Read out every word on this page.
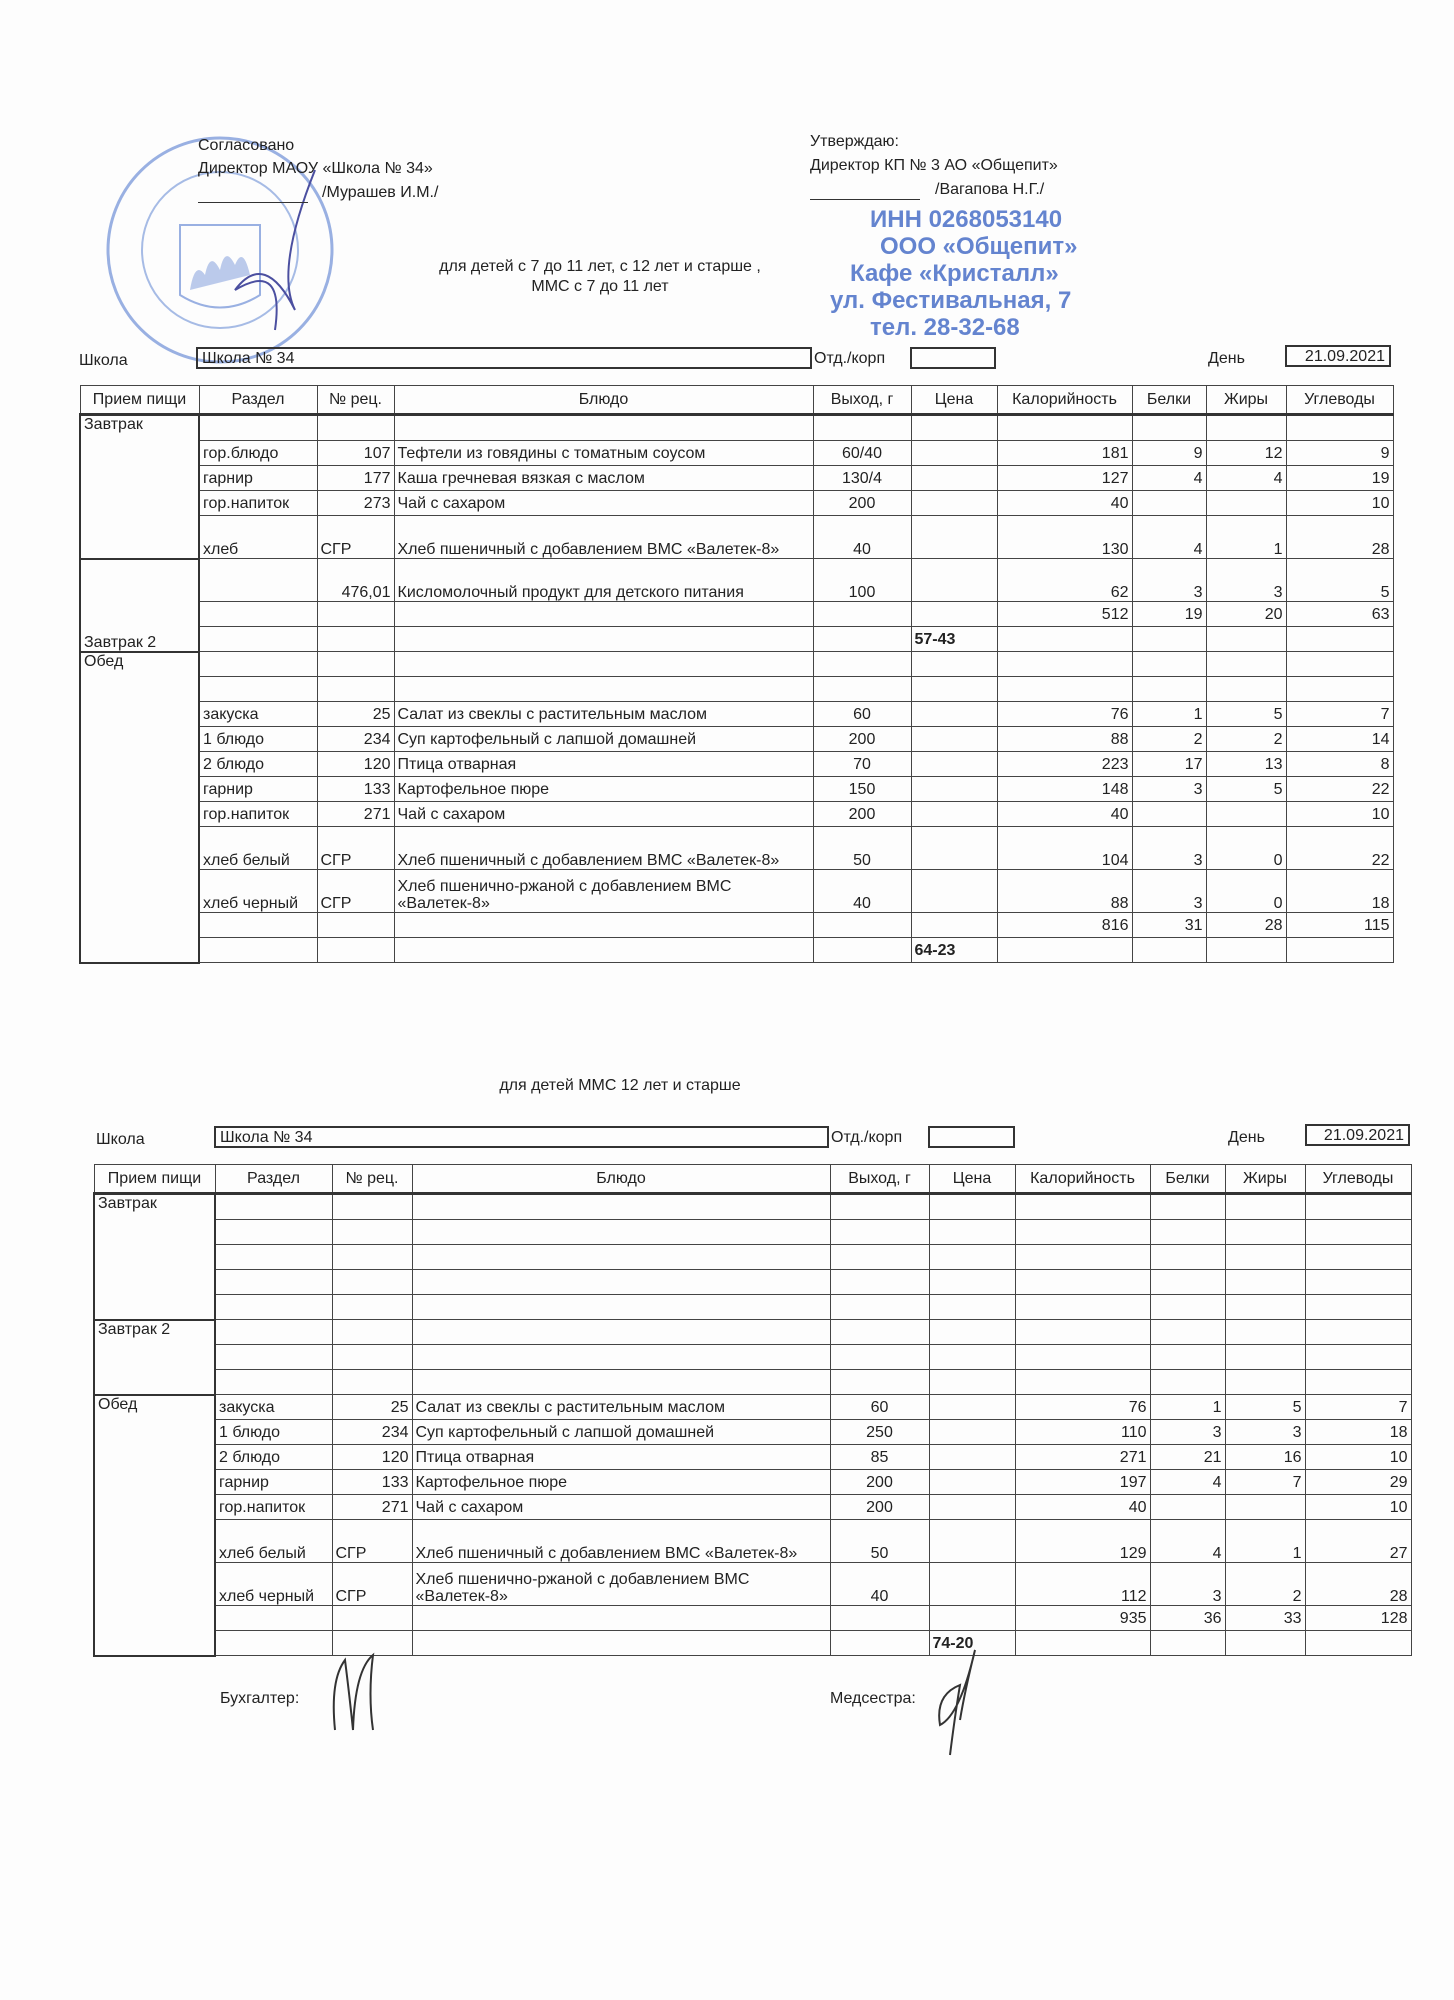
Согласовано
Директор МАОУ «Школа № 34»
/Мурашев И.М./
Утверждаю:
Директор КП № 3 АО «Общепит»
/Вагапова Н.Г./
ИНН 0268053140
ООО «Общепит»
Кафе «Кристалл»
ул. Фестивальная, 7
тел. 28-32-68
для детей с 7 до 11 лет, с 12 лет и старше ,
ММС с 7 до 11 лет
Школа	Школа № 34	Отд./корп	День	21.09.2021
Прием пищи	Раздел	№ рец.	Блюдо	Выход, г	Цена	Калорийность	Белки	Жиры	Углеводы
Завтрак									
	гор.блюдо	107	Тефтели из говядины с томатным соусом	60/40		181	9	12	9
	гарнир	177	Каша гречневая вязкая с маслом	130/4		127	4	4	19
	гор.напиток	273	Чай с сахаром	200		40			10
	хлеб	СГР	Хлеб пшеничный с добавлением ВМС «Валетек-8»	40		130	4	1	28
Завтрак 2		476,01	Кисломолочный продукт для детского питания	100		62	3	3	5
						512	19	20	63
					57-43				
Обед									

	закуска	25	Салат из свеклы с растительным маслом	60		76	1	5	7
	1 блюдо	234	Суп картофельный с лапшой домашней	200		88	2	2	14
	2 блюдо	120	Птица отварная	70		223	17	13	8
	гарнир	133	Картофельное пюре	150		148	3	5	22
	гор.напиток	271	Чай с сахаром	200		40			10
	хлеб белый	СГР	Хлеб пшеничный с добавлением ВМС «Валетек-8»	50		104	3	0	22
	хлеб черный	СГР	Хлеб пшенично-ржаной с добавлением ВМС «Валетек-8»	40		88	3	0	18
						816	31	28	115
					64-23				
для детей ММС 12 лет и старше
Школа	Школа № 34	Отд./корп	День	21.09.2021
Прием пищи	Раздел	№ рец.	Блюдо	Выход, г	Цена	Калорийность	Белки	Жиры	Углеводы
Завтрак									

Завтрак 2									

Обед	закуска	25	Салат из свеклы с растительным маслом	60		76	1	5	7
	1 блюдо	234	Суп картофельный с лапшой домашней	250		110	3	3	18
	2 блюдо	120	Птица отварная	85		271	21	16	10
	гарнир	133	Картофельное пюре	200		197	4	7	29
	гор.напиток	271	Чай с сахаром	200		40			10
	хлеб белый	СГР	Хлеб пшеничный с добавлением ВМС «Валетек-8»	50		129	4	1	27
	хлеб черный	СГР	Хлеб пшенично-ржаной с добавлением ВМС «Валетек-8»	40		112	3	2	28
						935	36	33	128
					74-20				
Бухгалтер:	Медсестра:
